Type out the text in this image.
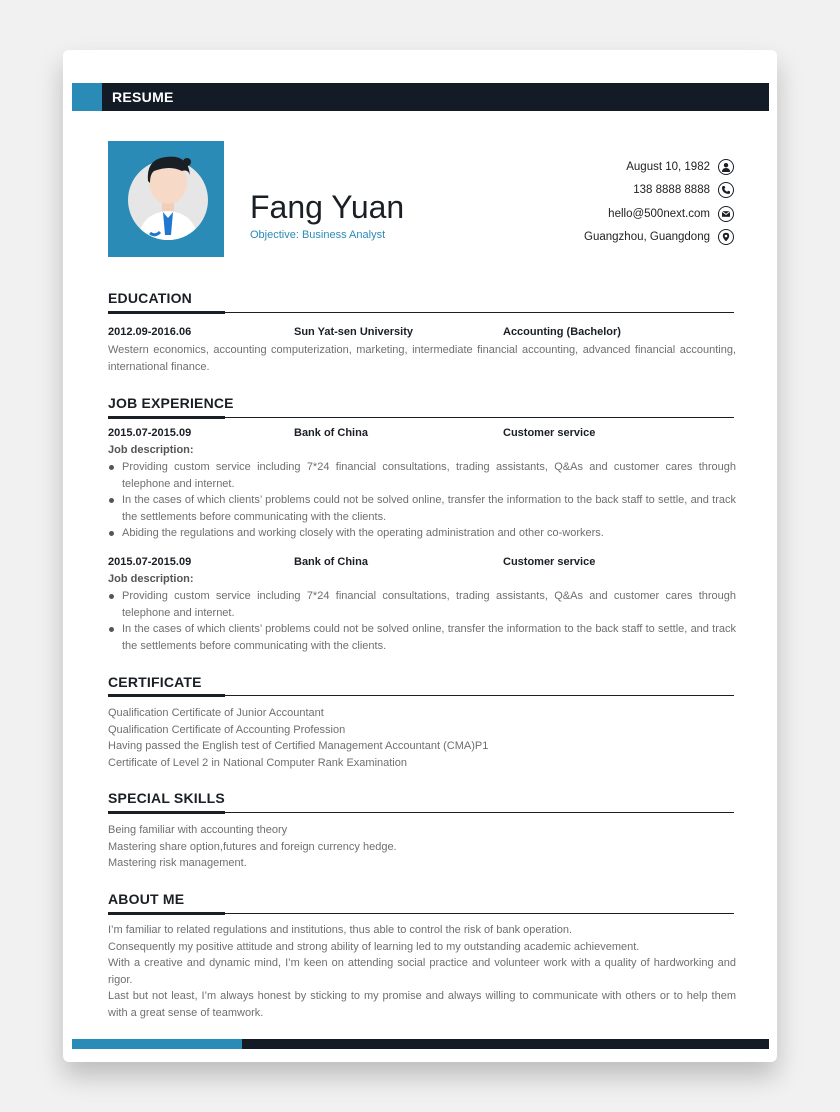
RESUME
Fang Yuan
Objective: Business Analyst
August 10, 1982
138 8888 8888
hello@500next.com
Guangzhou, Guangdong
EDUCATION
2012.09-2016.06	Sun Yat-sen University	Accounting (Bachelor)
Western economics, accounting computerization, marketing, intermediate financial accounting, advanced financial accounting, international finance.
JOB EXPERIENCE
2015.07-2015.09	Bank of China	Customer service
Job description:
Providing custom service including 7*24 financial consultations, trading assistants, Q&As and customer cares through telephone and internet.
In the cases of which clients’ problems could not be solved online, transfer the information to the back staff to settle, and track the settlements before communicating with the clients.
Abiding the regulations and working closely with the operating administration and other co-workers.
2015.07-2015.09	Bank of China	Customer service
Job description:
Providing custom service including 7*24 financial consultations, trading assistants, Q&As and customer cares through telephone and internet.
In the cases of which clients’ problems could not be solved online, transfer the information to the back staff to settle, and track the settlements before communicating with the clients.
CERTIFICATE
Qualification Certificate of Junior Accountant
Qualification Certificate of Accounting Profession
Having passed the English test of Certified Management Accountant (CMA)P1
Certificate of Level 2 in National Computer Rank Examination
SPECIAL SKILLS
Being familiar with accounting theory
Mastering share option,futures and foreign currency hedge.
Mastering risk management.
ABOUT ME
I’m familiar to related regulations and institutions, thus able to control the risk of bank operation.
Consequently my positive attitude and strong ability of learning led to my outstanding academic achievement.
With a creative and dynamic mind, I’m keen on attending social practice and volunteer work with a quality of hardworking and rigor.
Last but not least, I’m always honest by sticking to my promise and always willing to communicate with others or to help them with a great sense of teamwork.
